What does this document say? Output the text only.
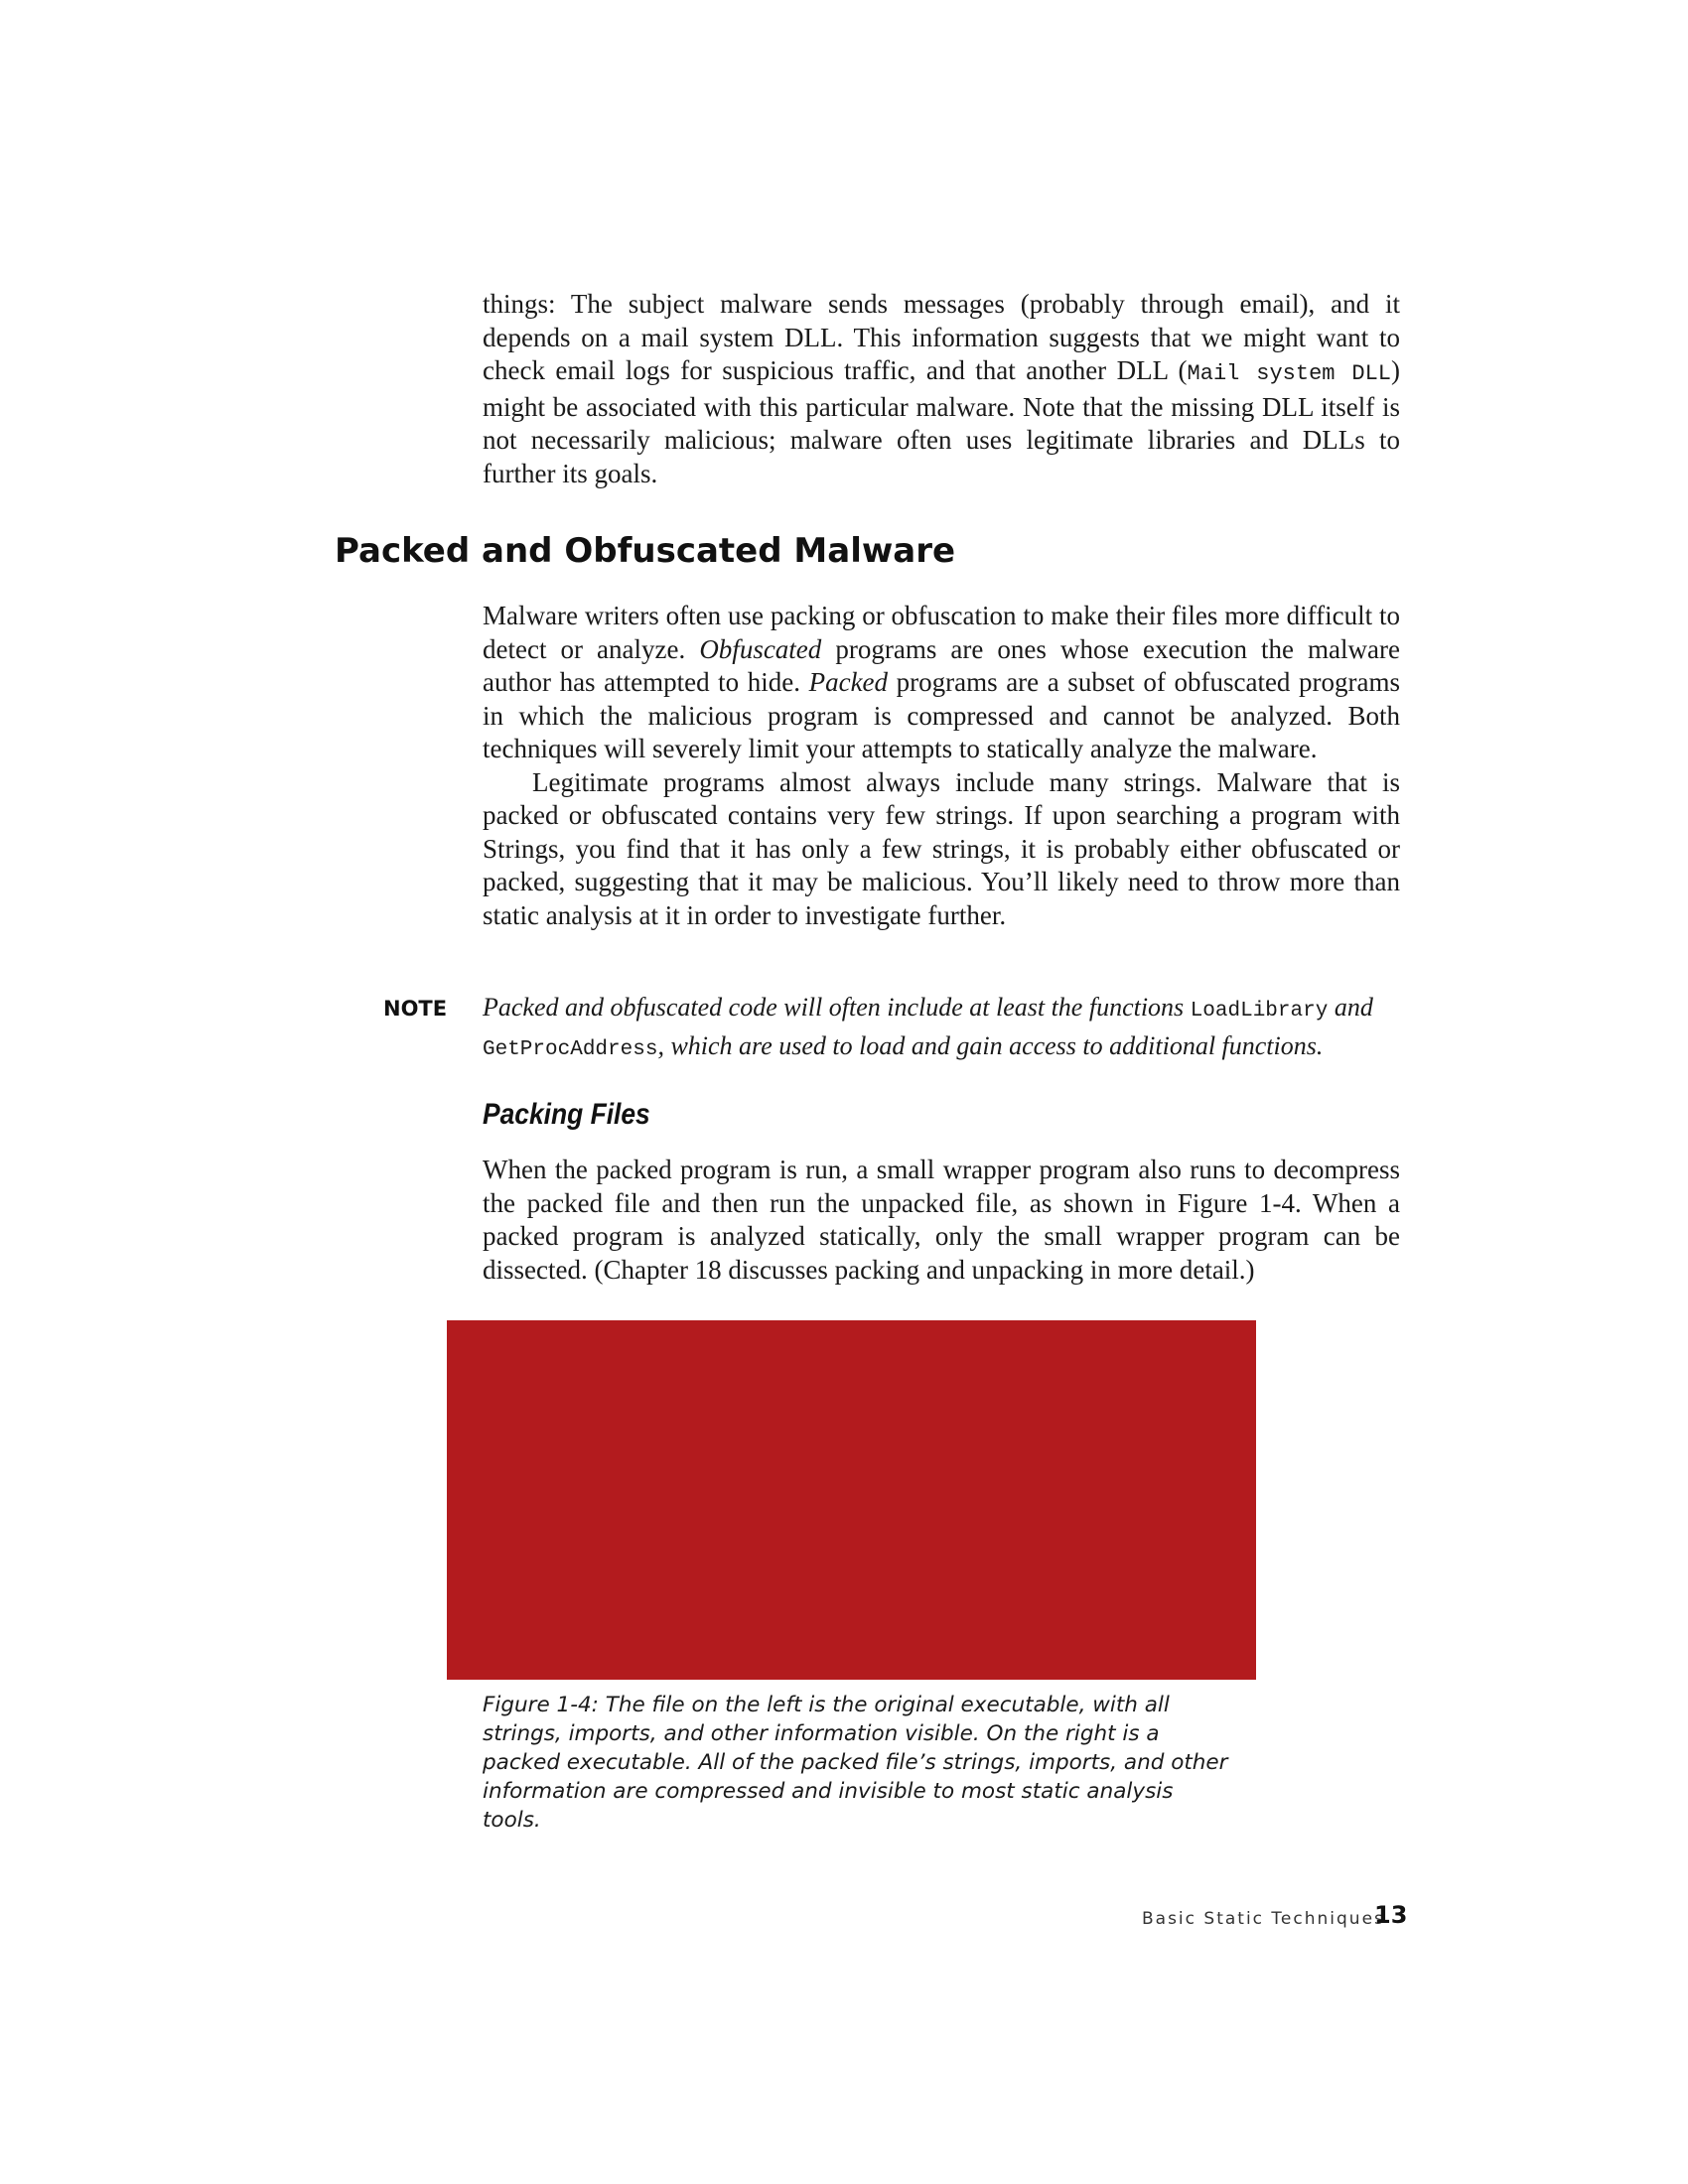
things: The subject malware sends messages (probably through email), and it depends on a mail system DLL. This information suggests that we might want to check email logs for suspicious traffic, and that another DLL (Mail system DLL) might be associated with this particular malware. Note that the missing DLL itself is not necessarily malicious; malware often uses legitimate libraries and DLLs to further its goals.

Packed and Obfuscated Malware

Malware writers often use packing or obfuscation to make their files more difficult to detect or analyze. Obfuscated programs are ones whose execution the malware author has attempted to hide. Packed programs are a subset of obfuscated programs in which the malicious program is compressed and cannot be analyzed. Both techniques will severely limit your attempts to statically analyze the malware.

Legitimate programs almost always include many strings. Malware that is packed or obfuscated contains very few strings. If upon searching a program with Strings, you find that it has only a few strings, it is probably either obfuscated or packed, suggesting that it may be malicious. You’ll likely need to throw more than static analysis at it in order to investigate further.

NOTE Packed and obfuscated code will often include at least the functions LoadLibrary and
GetProcAddress, which are used to load and gain access to additional functions.

Packing Files

When the packed program is run, a small wrapper program also runs to decompress the packed file and then run the unpacked file, as shown in Figure 1-4. When a packed program is analyzed statically, only the small wrapper program can be dissected. (Chapter 18 discusses packing and unpacking in more detail.)

Figure 1-4: The file on the left is the original executable, with all strings, imports, and other information visible. On the right is a packed executable. All of the packed file’s strings, imports, and other information are compressed and invisible to most static analysis tools.

Basic Static Techniques
13
